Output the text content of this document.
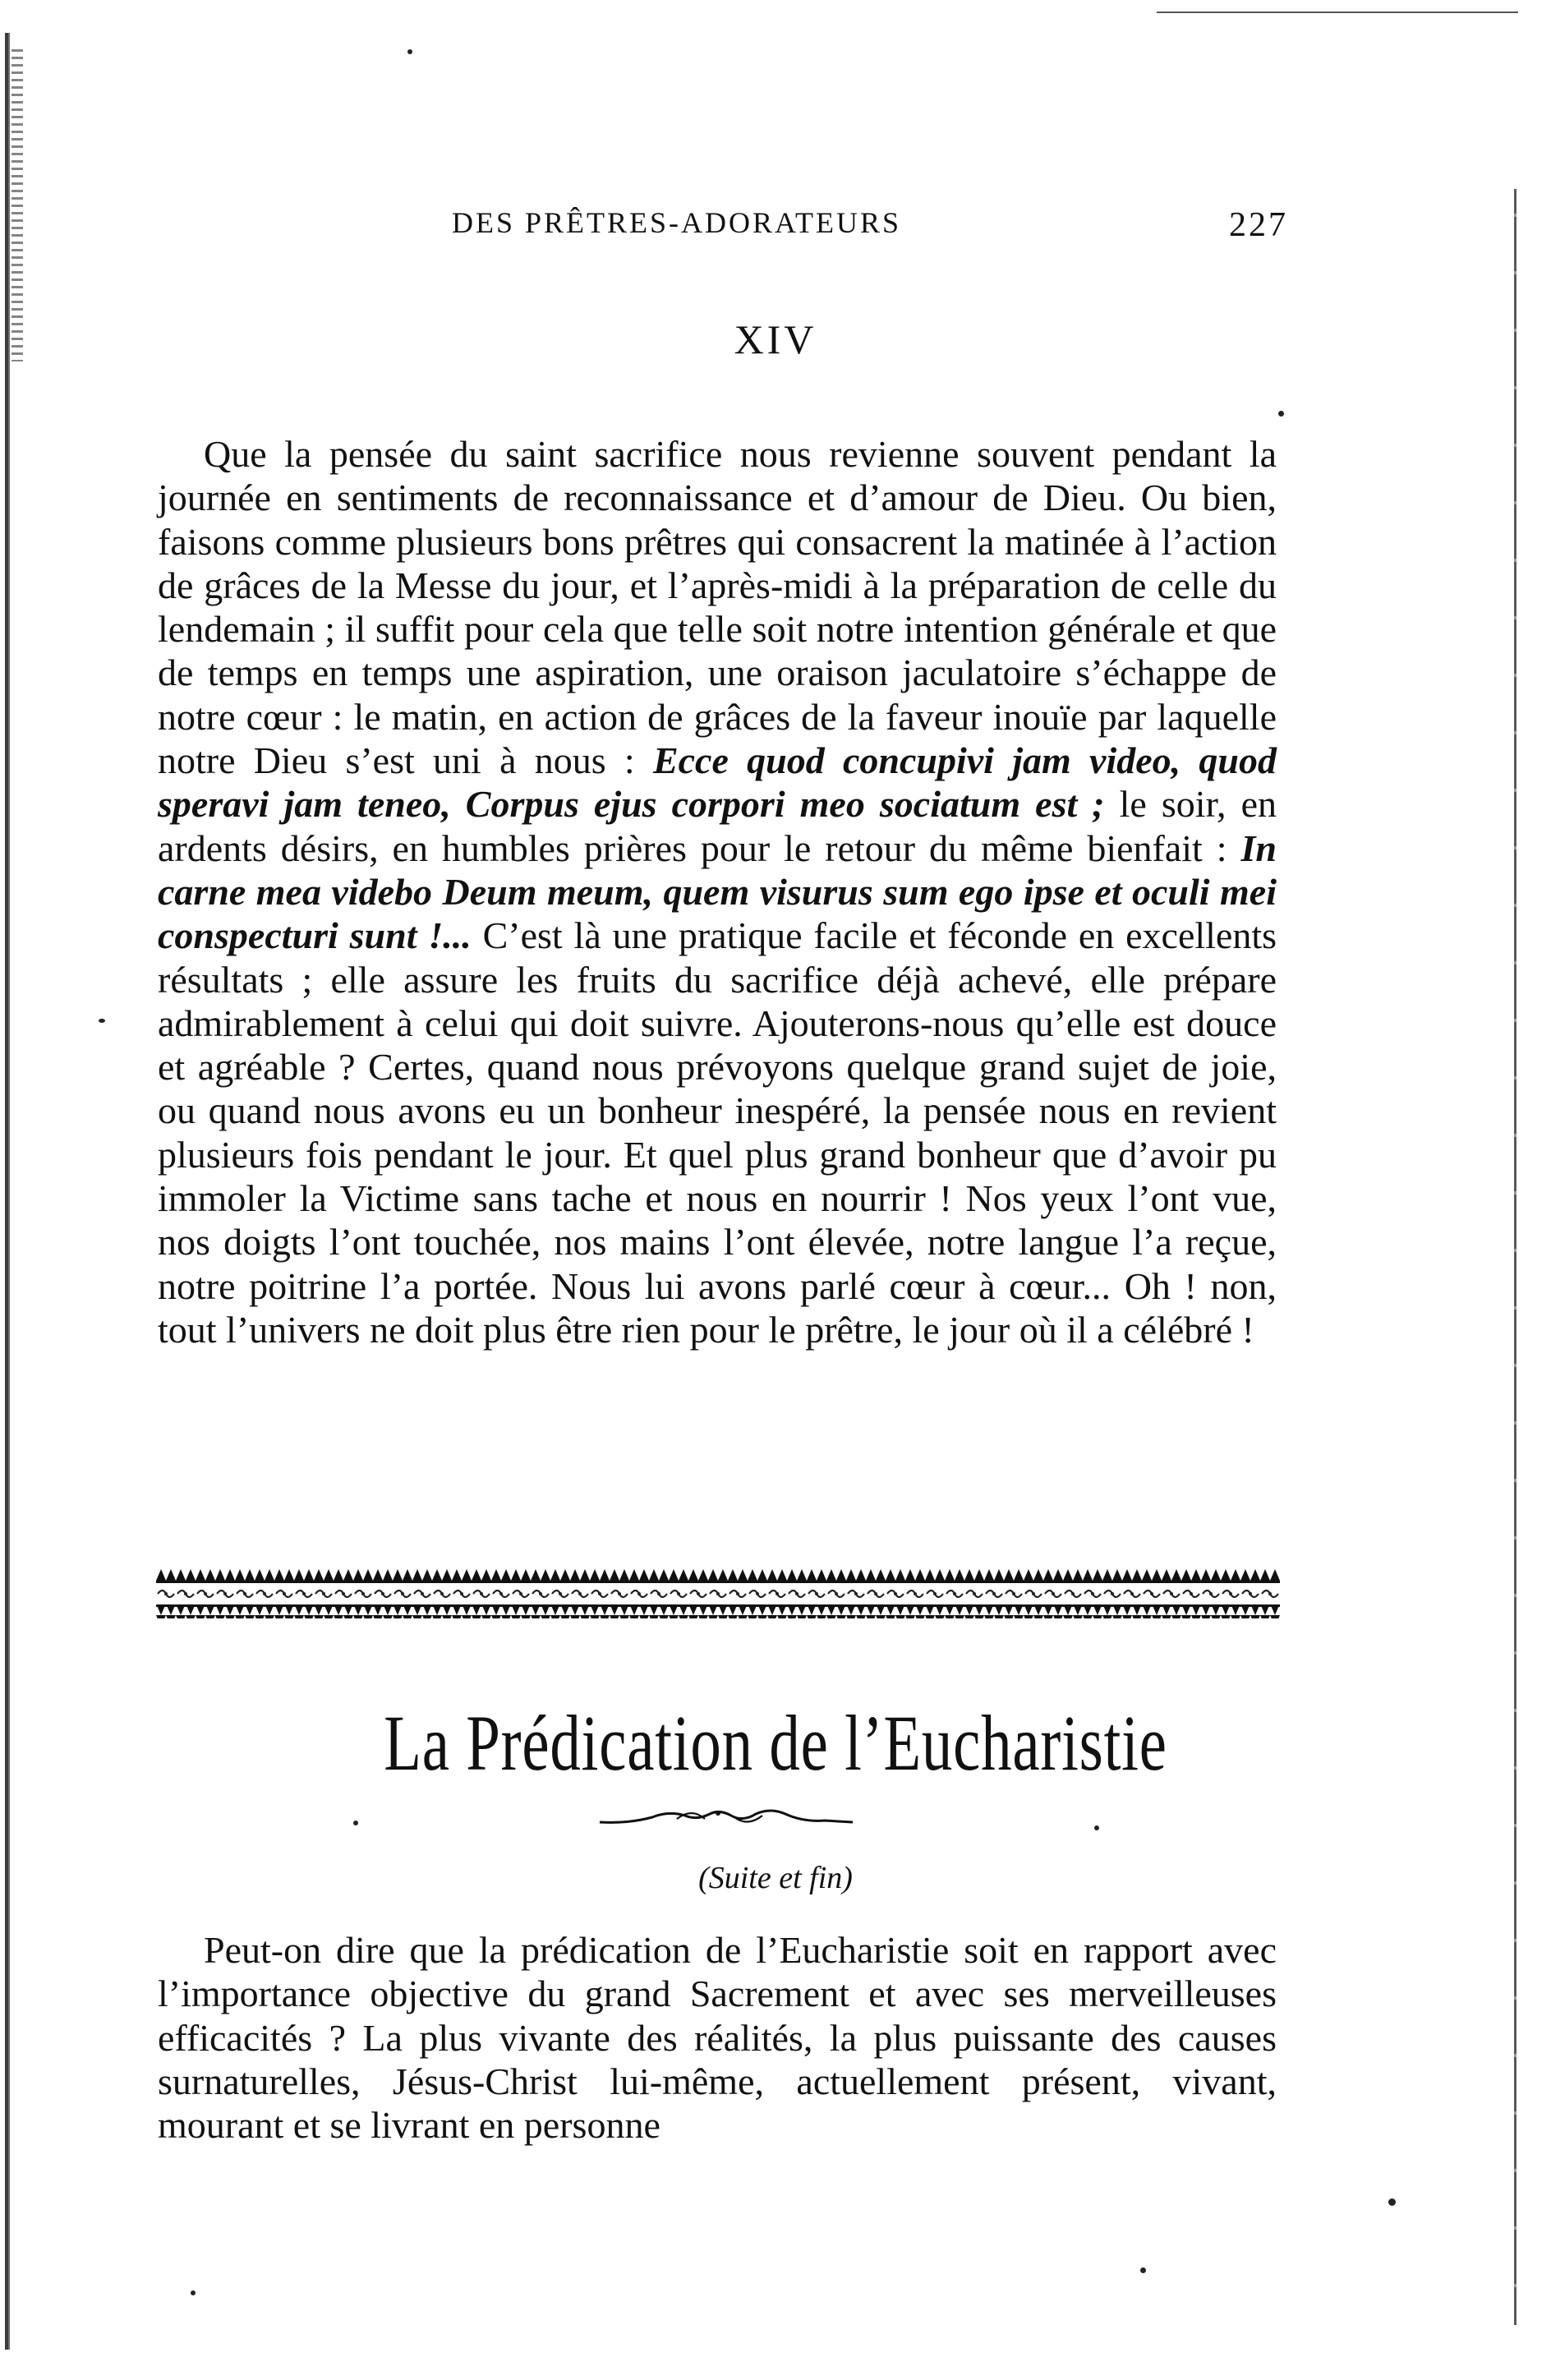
DES PRÊTRES-ADORATEURS	227
XIV

Que la pensée du saint sacrifice nous revienne souvent pendant la journée en sentiments de reconnaissance et d’amour de Dieu. Ou bien, faisons comme plusieurs bons prêtres qui consacrent la matinée à l’action de grâces de la Messe du jour, et l’après-midi à la préparation de celle du lendemain ; il suffit pour cela que telle soit notre intention générale et que de temps en temps une aspiration, une oraison jaculatoire s’échappe de notre cœur : le matin, en action de grâces de la faveur inouïe par laquelle notre Dieu s’est uni à nous : Ecce quod concupivi jam video, quod speravi jam teneo, Corpus ejus corpori meo sociatum est ; le soir, en ardents désirs, en humbles prières pour le retour du même bienfait : In carne mea videbo Deum meum, quem visurus sum ego ipse et oculi mei conspecturi sunt !... C’est là une pratique facile et féconde en excellents résultats ; elle assure les fruits du sacrifice déjà achevé, elle prépare admirablement à celui qui doit suivre. Ajouterons-nous qu’elle est douce et agréable ? Certes, quand nous prévoyons quelque grand sujet de joie, ou quand nous avons eu un bonheur inespéré, la pensée nous en revient plusieurs fois pendant le jour. Et quel plus grand bonheur que d’avoir pu immoler la Victime sans tache et nous en nourrir ! Nos yeux l’ont vue, nos doigts l’ont touchée, nos mains l’ont élevée, notre langue l’a reçue, notre poitrine l’a portée. Nous lui avons parlé cœur à cœur... Oh ! non, tout l’univers ne doit plus être rien pour le prêtre, le jour où il a célébré !

La Prédication de l’Eucharistie
(Suite et fin)

Peut-on dire que la prédication de l’Eucharistie soit en rapport avec l’importance objective du grand Sacrement et avec ses merveilleuses efficacités ? La plus vivante des réalités, la plus puissante des causes surnaturelles, Jésus-Christ lui-même, actuellement présent, vivant, mourant et se livrant en personne
